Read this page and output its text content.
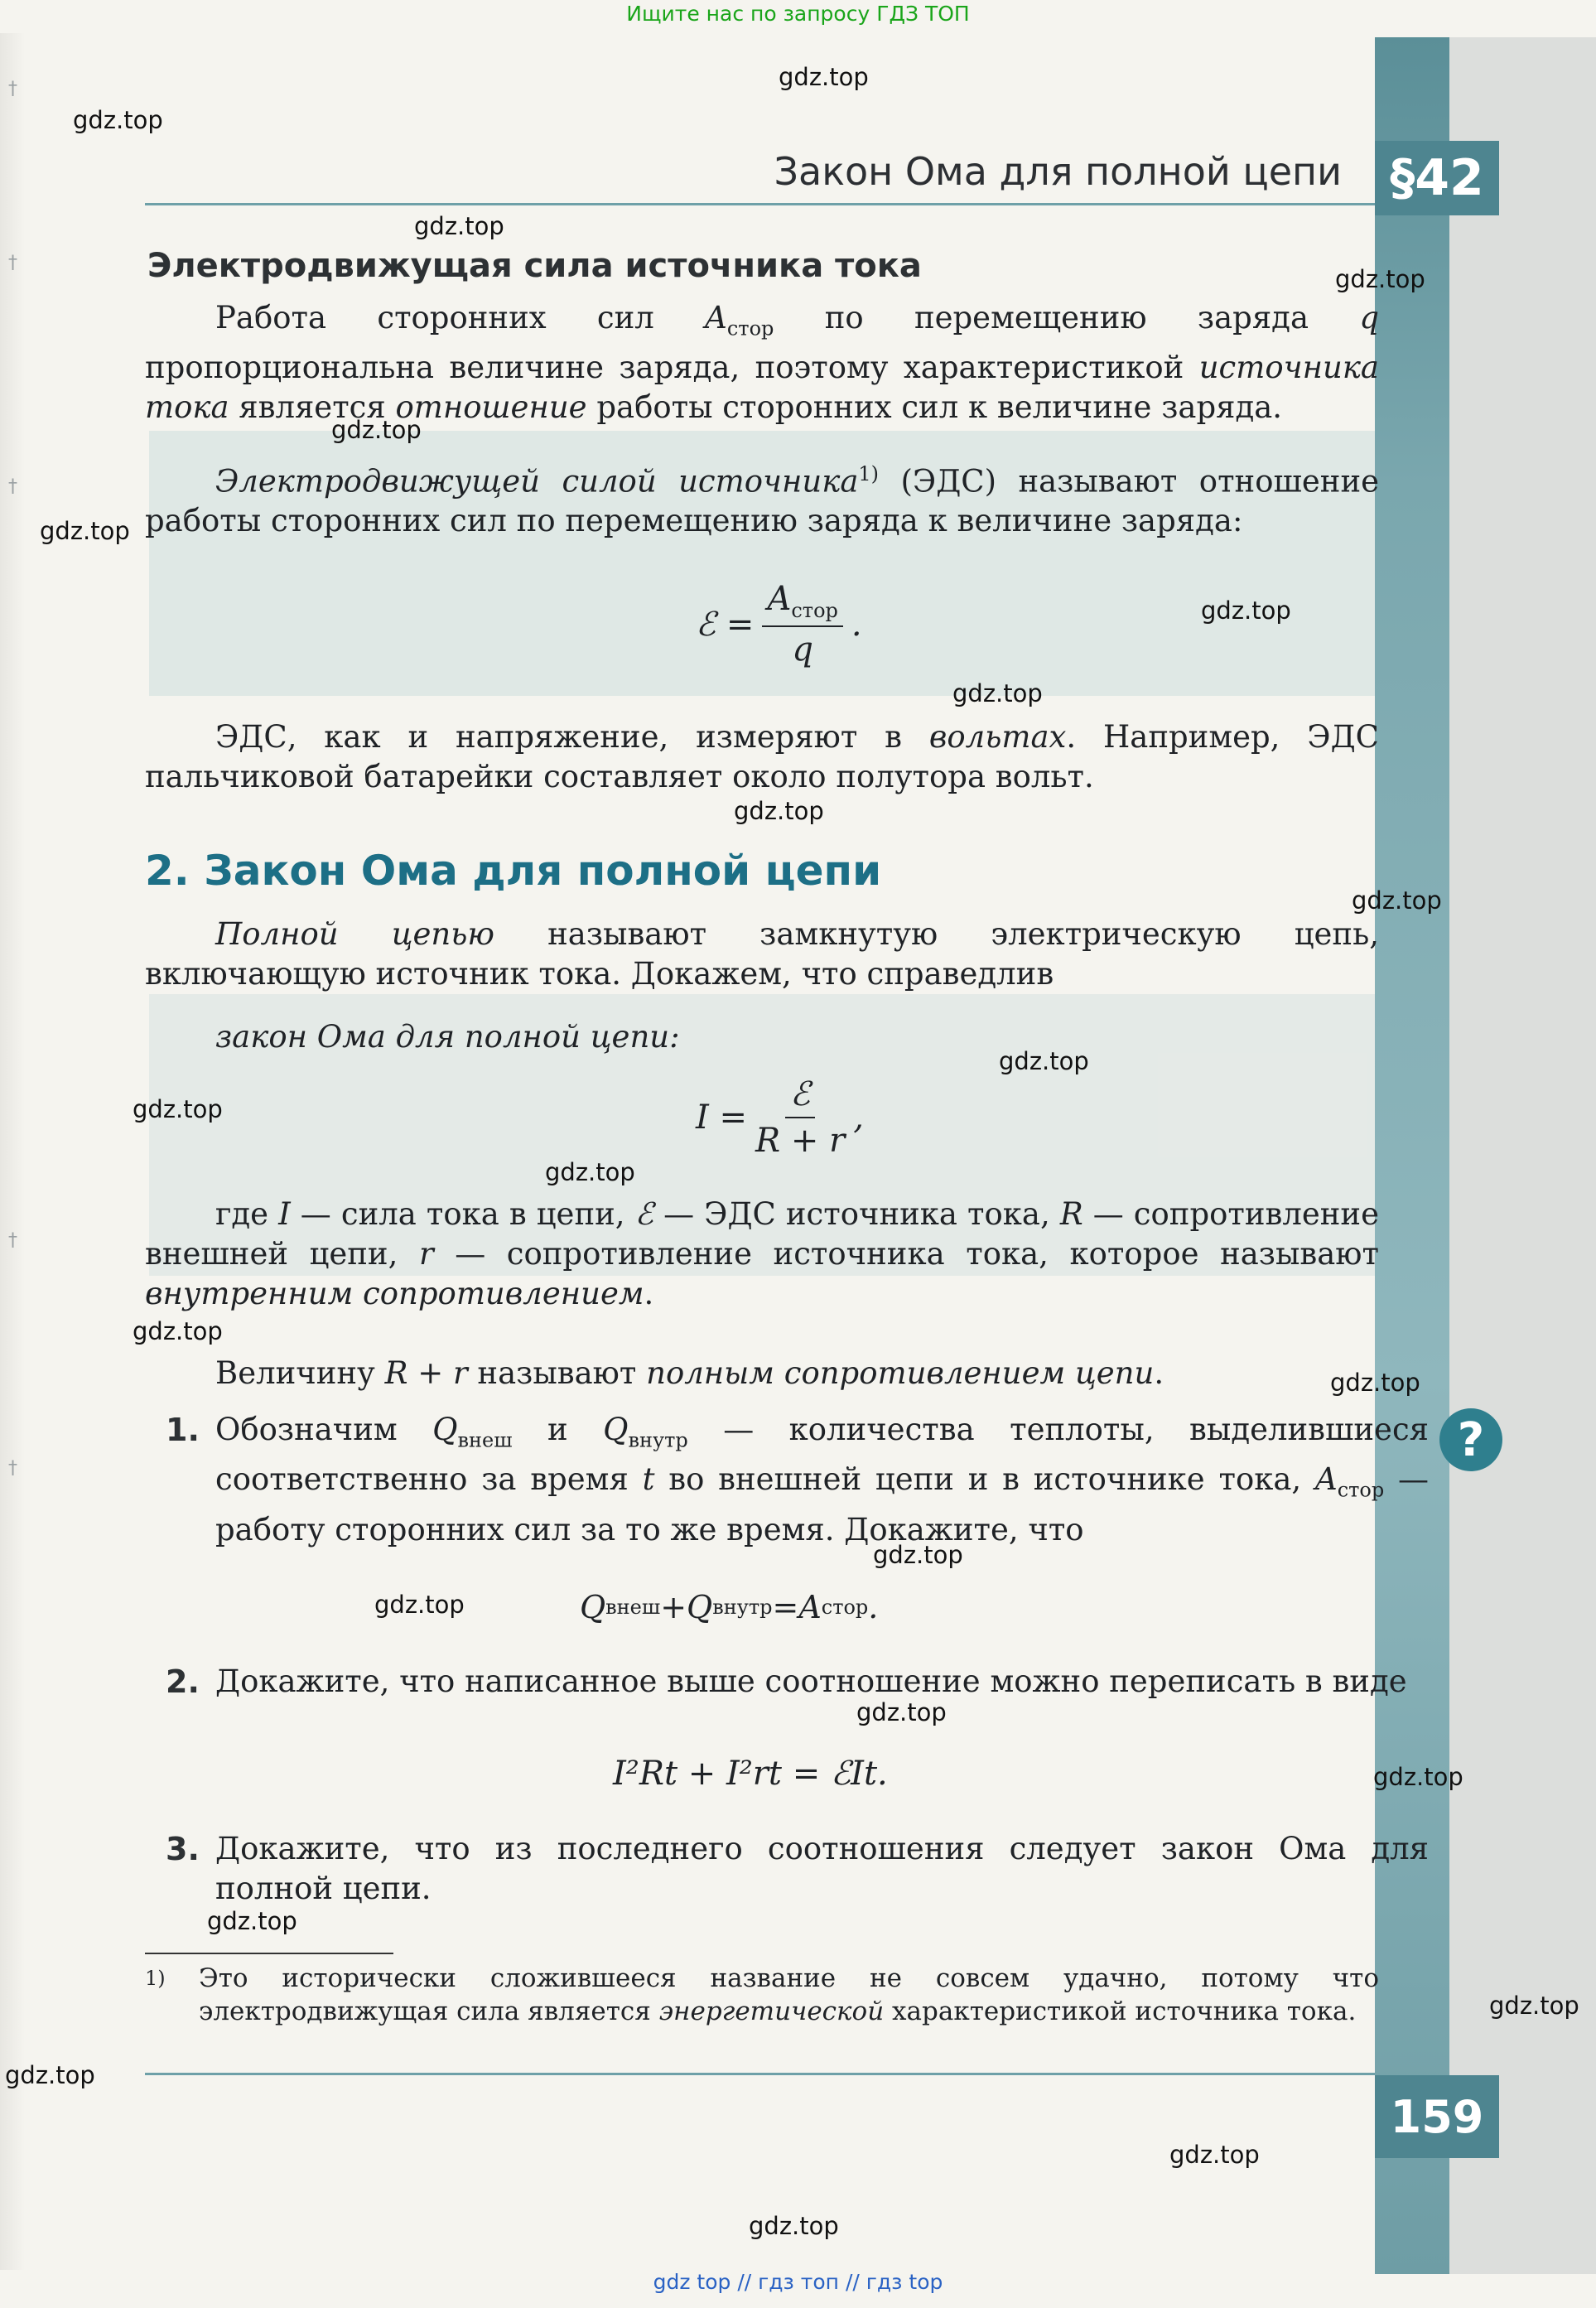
†
†
†
†
†
Ищите нас по запросу ГДЗ ТОП
Закон Ома для полной цепи §42
Электродвижущая сила источника тока
Работа сторонних сил $A_{стор}$ по перемещению заряда q пропорциональна величине заряда, поэтому характеристикой источника тока является отношение работы сторонних сил к величине заряда.
Электродвижущей силой источника$^{1)}$ (ЭДС) называют отношение работы сторонних сил по перемещению заряда к величине заряда:
ℰ = $\frac{A_{стор}}{q}$ .
ЭДС, как и напряжение, измеряют в вольтах. Например, ЭДС пальчиковой батарейки составляет около полутора вольт.
2. Закон Ома для полной цепи
Полной цепью называют замкнутую электрическую цепь, включающую источник тока. Докажем, что справедлив
закон Ома для полной цепи:
$I = \frac{\text{ℰ}}{R + r}$ ,
где I — сила тока в цепи, ℰ — ЭДС источника тока, R — сопротивление внешней цепи, r — сопротивление источника тока, которое называют внутренним сопротивлением.
Величину R + r называют полным сопротивлением цепи.
?
1. Обозначим $Q_{внеш}$ и $Q_{внутр}$ — количества теплоты, выделившиеся соответственно за время t во внешней цепи и в источнике тока, $A_{стор}$ — работу сторонних сил за то же время. Докажите, что
Q внеш + Q внутр = A стор .
2. Докажите, что написанное выше соотношение можно переписать в виде
I²Rt + I²rt = ℰIt.
3. Докажите, что из последнего соотношения следует закон Ома для полной цепи.
1)	Это исторически сложившееся название не совсем удачно, потому что электродвижущая сила является энергетической характеристикой источника тока.
159
gdz.top
gdz.top
gdz.top
gdz.top
gdz.top
gdz.top
gdz.top
gdz.top
gdz.top
gdz.top
gdz.top
gdz.top
gdz.top
gdz.top
gdz.top
gdz.top
gdz.top
gdz.top
gdz.top
gdz.top
gdz.top
gdz.top
gdz.top
gdz.top
gdz top // гдз топ // гдз top
